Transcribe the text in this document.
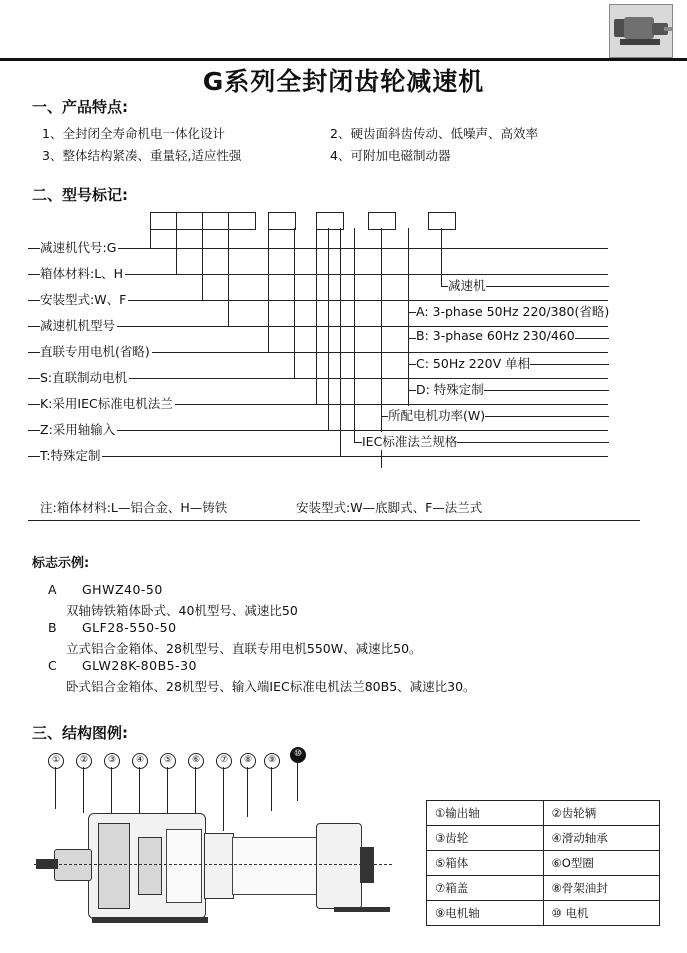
G系列全封闭齿轮减速机
一、产品特点:
1、全封闭全寿命机电一体化设计	2、硬齿面斜齿传动、低噪声、高效率
3、整体结构紧凑、重量轻,适应性强	4、可附加电磁制动器
二、型号标记:
减速机代号:G
箱体材料:L、H
安装型式:W、F
减速机机型号
直联专用电机(省略)
S:直联制动电机
K:采用IEC标准电机法兰
Z:采用轴输入
T:特殊定制
减速机
A: 3-phase 50Hz 220/380(省略)
B: 3-phase 60Hz 230/460
C: 50Hz 220V 单相
D: 特殊定制
所配电机功率(W)
IEC标准法兰规格
注:箱体材料:L—铝合金、H—铸铁	安装型式:W—底脚式、F—法兰式
标志示例:
A GHWZ40-50
双轴铸铁箱体卧式、40机型号、减速比50
B GLF28-550-50
立式铝合金箱体、28机型号、直联专用电机550W、减速比50。
C GLW28K-80B5-30
卧式铝合金箱体、28机型号、输入端IEC标准电机法兰80B5、减速比30。
三、结构图例:
①	②	③	④	⑤	⑥	⑦	⑧	⑨
⑩
①输出轴	②齿轮辆
③齿轮	④滑动轴承
⑤箱体	⑥O型圈
⑦箱盖	⑧骨架油封
⑨电机轴	⑩ 电机
